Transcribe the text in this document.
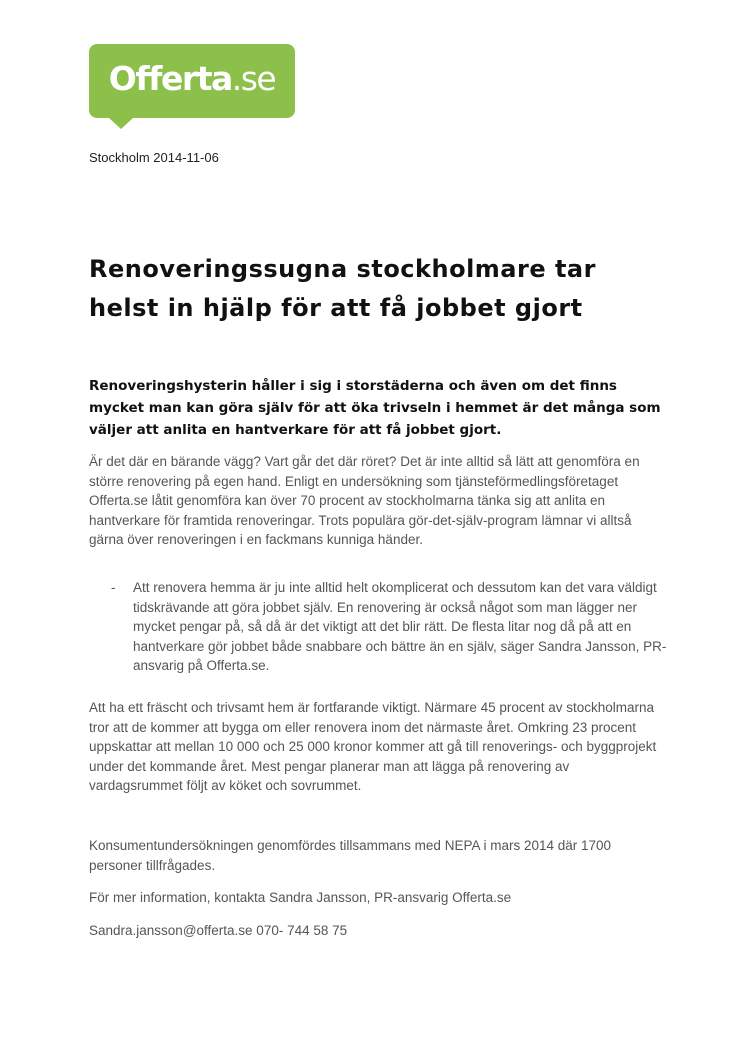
Offerta.se
Stockholm 2014-11-06
Renoveringssugna stockholmare tar helst in hjälp för att få jobbet gjort

Renoveringshysterin håller i sig i storstäderna och även om det finns mycket man kan göra själv för att öka trivseln i hemmet är det många som väljer att anlita en hantverkare för att få jobbet gjort.

Är det där en bärande vägg? Vart går det där röret? Det är inte alltid så lätt att genomföra en större renovering på egen hand. Enligt en undersökning som tjänsteförmedlingsföretaget Offerta.se låtit genomföra kan över 70 procent av stockholmarna tänka sig att anlita en hantverkare för framtida renoveringar. Trots populära gör-det-själv-program lämnar vi alltså gärna över renoveringen i en fackmans kunniga händer.

- Att renovera hemma är ju inte alltid helt okomplicerat och dessutom kan det vara väldigt tidskrävande att göra jobbet själv. En renovering är också något som man lägger ner mycket pengar på, så då är det viktigt att det blir rätt. De flesta litar nog då på att en hantverkare gör jobbet både snabbare och bättre än en själv, säger Sandra Jansson, PR-ansvarig på Offerta.se.

Att ha ett fräscht och trivsamt hem är fortfarande viktigt. Närmare 45 procent av stockholmarna tror att de kommer att bygga om eller renovera inom det närmaste året. Omkring 23 procent uppskattar att mellan 10 000 och 25 000 kronor kommer att gå till renoverings- och byggprojekt under det kommande året. Mest pengar planerar man att lägga på renovering av vardagsrummet följt av köket och sovrummet.

Konsumentundersökningen genomfördes tillsammans med NEPA i mars 2014 där 1700 personer tillfrågades.

För mer information, kontakta Sandra Jansson, PR-ansvarig Offerta.se

Sandra.jansson@offerta.se 070- 744 58 75
